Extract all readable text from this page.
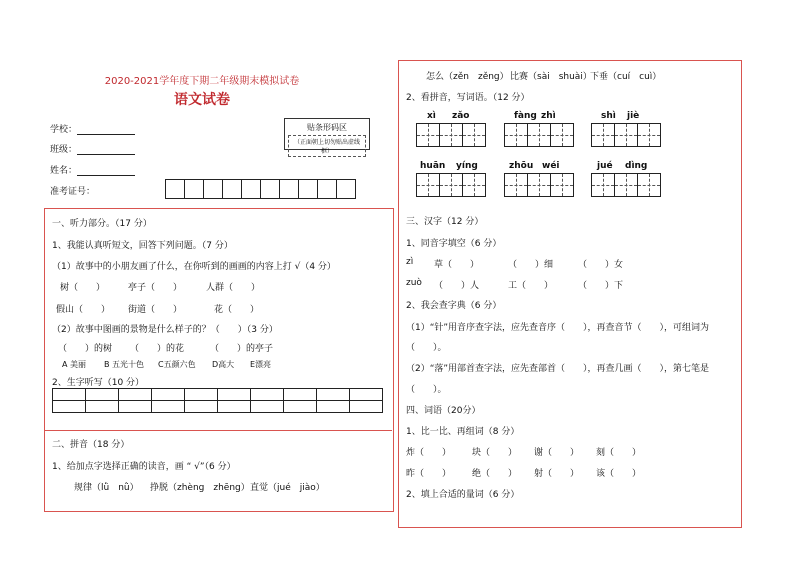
2020-2021学年度下期二年级期末模拟试卷
语文试卷
学校：
班级：
姓名：
准考证号：
贴条形码区
（正面朝上切勿贴出虚线框）
一、听力部分。（17 分）
1、我能认真听短文，回答下列问题。（7 分）
（1）故事中的小朋友画了什么，在你听到的画画的内容上打 √（4 分）
树（　　）	亭子（　　）	人群（　　）
假山（　　） 街道（　　）	花（　　）
（2）故事中图画的景物是什么样子的？（　　）（3 分）
（　　）的树 （　　）的花	（　　）的亭子
A 美丽 B 五光十色 C五颜六色 D高大 E漂亮
2、生字听写（10 分）

二、拼音（18 分）
1、给加点字选择正确的读音，画 “ √”（6 分）
规律（lǜ　nǜ） 挣脱（zhèng　zhēng） 直觉（jué　jiào）
怎么（zěn　zěng） 比赛（sài　shuài）
下垂（cuí　cuì）
2、看拼音，写词语。（12 分）
xì zǎo	fàng zhì	shì jiè
huān yíng	zhōu wéi	jué dìng
三、汉字（12 分）
1、同音字填空（6 分）
zì 草（　　）	（　　）细	（　　）女
zuò （　　）人	工（　　）	（　　）下
2、我会查字典（6 分）
（1）“针”用音序查字法，应先查音序（　　），再查音节（　　），可组词为
（　　）。
（2）“落”用部首查字法，应先查部首（　　），再查几画（　　），第七笔是
（　　）。
四、词语（20分）
1、比一比、再组词（8 分）
炸（　　） 块（　　） 谢（　　） 刻（　　）
昨（　　） 绝（　　） 射（　　） 该（　　）
2、填上合适的量词（6 分）
